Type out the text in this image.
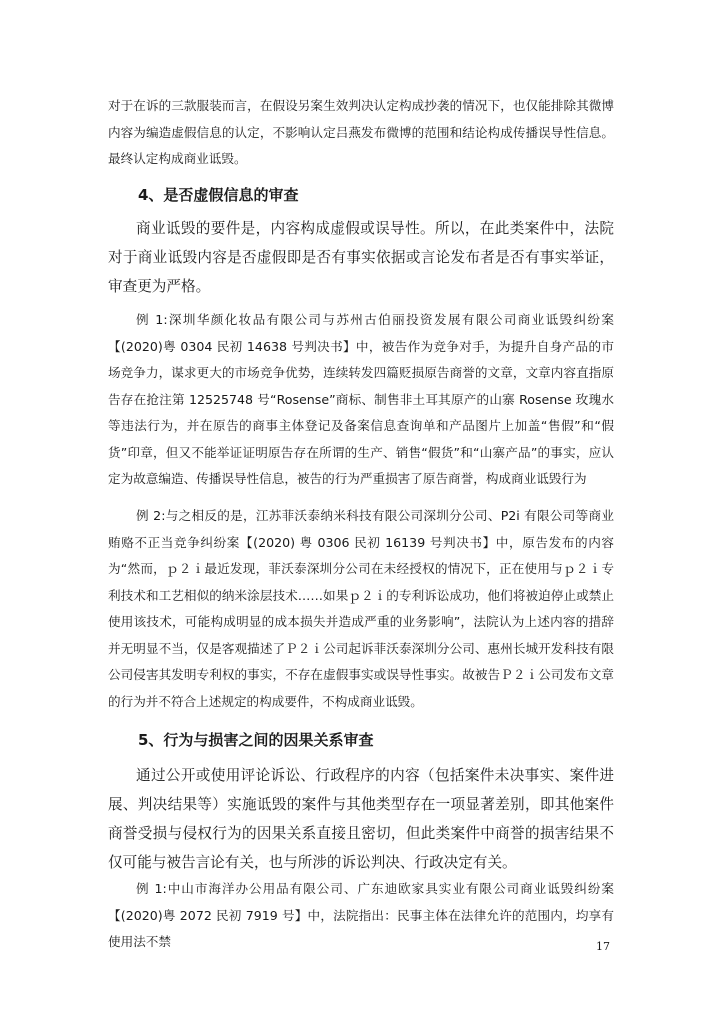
对于在诉的三款服装而言，在假设另案生效判决认定构成抄袭的情况下，也仅能排除其微博内容为编造虚假信息的认定，不影响认定吕燕发布微博的范围和结论构成传播误导性信息。最终认定构成商业诋毁。

4、是否虚假信息的审查

商业诋毁的要件是，内容构成虚假或误导性。所以，在此类案件中，法院对于商业诋毁内容是否虚假即是否有事实依据或言论发布者是否有事实举证，审查更为严格。

例 1:深圳华颜化妆品有限公司与苏州古伯丽投资发展有限公司商业诋毁纠纷案【(2020)粤 0304 民初 14638 号判决书】中，被告作为竞争对手，为提升自身产品的市场竞争力，谋求更大的市场竞争优势，连续转发四篇贬损原告商誉的文章，文章内容直指原告存在抢注第 12525748 号“Rosense”商标、制售非土耳其原产的山寨 Rosense 玫瑰水等违法行为，并在原告的商事主体登记及备案信息查询单和产品图片上加盖“售假”和“假货”印章，但又不能举证证明原告存在所谓的生产、销售“假货”和“山寨产品”的事实，应认定为故意编造、传播误导性信息，被告的行为严重损害了原告商誉，构成商业诋毁行为

例 2:与之相反的是，江苏菲沃泰纳米科技有限公司深圳分公司、P2i 有限公司等商业贿赂不正当竞争纠纷案【(2020) 粤 0306 民初 16139 号判决书】中，原告发布的内容为“然而，ｐ２ｉ最近发现，菲沃泰深圳分公司在未经授权的情况下，正在使用与ｐ２ｉ专利技术和工艺相似的纳米涂层技术……如果ｐ２ｉ的专利诉讼成功，他们将被迫停止或禁止使用该技术，可能构成明显的成本损失并造成严重的业务影响”，法院认为上述内容的措辞并无明显不当，仅是客观描述了Ｐ２ｉ公司起诉菲沃泰深圳分公司、惠州长城开发科技有限公司侵害其发明专利权的事实，不存在虚假事实或误导性事实。故被告Ｐ２ｉ公司发布文章的行为并不符合上述规定的构成要件，不构成商业诋毁。

5、行为与损害之间的因果关系审查

通过公开或使用评论诉讼、行政程序的内容（包括案件未决事实、案件进展、判决结果等）实施诋毁的案件与其他类型存在一项显著差别，即其他案件商誉受损与侵权行为的因果关系直接且密切，但此类案件中商誉的损害结果不仅可能与被告言论有关，也与所涉的诉讼判决、行政决定有关。

例 1:中山市海洋办公用品有限公司、广东迪欧家具实业有限公司商业诋毁纠纷案【(2020)粤 2072 民初 7919 号】中，法院指出：民事主体在法律允许的范围内，均享有使用法不禁	17
